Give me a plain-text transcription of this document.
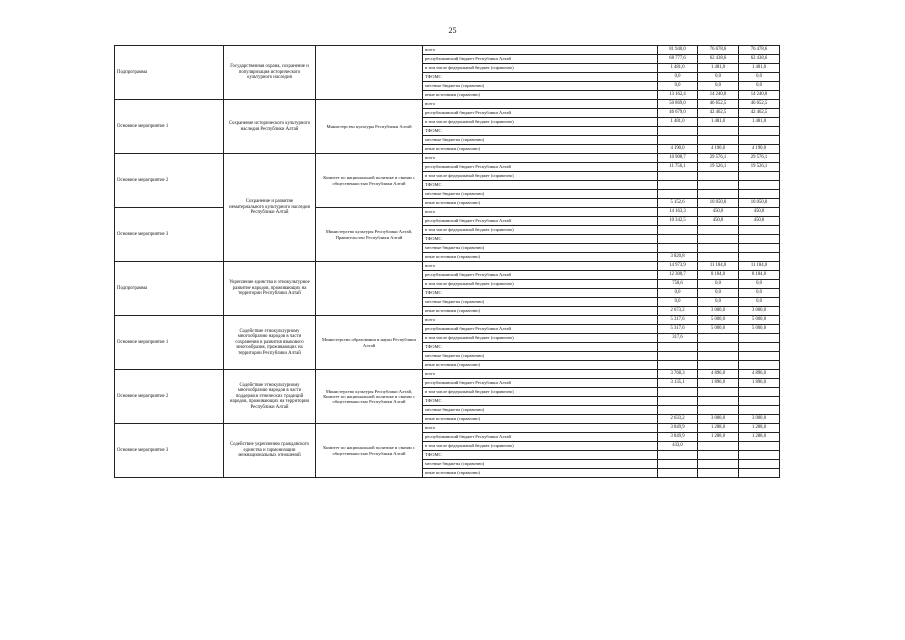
25
Подпрограмма	Государственная охрана, сохранение и популяризация исторического культурного наследия		всего	81 940,0	76 678,6	76 478,6
			республиканский бюджет Республики Алтай	68 777,6	62 438,6	62 438,6
			в том числе федеральный бюджет (справочно)	1 481,0	1 481,0	1 481,0
			ТФОМС	0,0	0,0	0,0
			местные бюджеты (справочно)	0,0	0,0	0,0
			иные источники (справочно)	13 162,4	14 240,0	14 240,0
Основное мероприятие 1	Сохранение исторического культурного наследия Республики Алтай	Министерство культуры Республики Алтай	всего	50 869,0	46 652,5	46 652,5
			республиканский бюджет Республики Алтай	46 679,0	42 462,5	42 462,5
			в том числе федеральный бюджет (справочно)	1 481,0	1 481,0	1 481,0
			ТФОМС			
			местные бюджеты (справочно)			
			иные источники (справочно)	4 190,0	4 190,0	4 190,0
Основное мероприятие 2	Сохранение и развитие нематериального культурного наследия Республики Алтай	Комитет по национальной политике и связям с общественностью Республики Алтай	всего	10 908,7	29 576,1	29 576,1
			республиканский бюджет Республики Алтай	11 756,1	19 526,1	19 526,1
			в том числе федеральный бюджет (справочно)			
			ТФОМС			
			местные бюджеты (справочно)			
			иные источники (справочно)	5 152,6	10 050,0	10 050,0
Основное мероприятие 3		Министерство культуры Республики Алтай, Правительство Республики Алтай	всего	14 163,3	450,0	450,0
			республиканский бюджет Республики Алтай	10 342,5	450,0	450,0
			в том числе федеральный бюджет (справочно)			
			ТФОМС			
			местные бюджеты (справочно)			
			иные источники (справочно)	3 820,8		
Подпрограмма	Укрепление единства и этнокультурное развитие народов, проживающих на территории Республики Алтай		всего	14 973,9	11 184,0	11 184,0
			республиканский бюджет Республики Алтай	12 300,7	8 184,0	8 184,0
			в том числе федеральный бюджет (справочно)	750,6	0,0	0,0
			ТФОМС	0,0	0,0	0,0
			местные бюджеты (справочно)	0,0	0,0	0,0
			иные источники (справочно)	2 673,2	3 000,0	3 000,0
Основное мероприятие 1	Содействие этнокультурному многообразию народов в части сохранения и развития языкового многообразия, проживающих на территории Республики Алтай	Министерство образования и науки Республики Алтай	всего	5 317,6	5 000,0	5 000,0
			республиканский бюджет Республики Алтай	5 317,6	5 000,0	5 000,0
			в том числе федеральный бюджет (справочно)	317,6		
			ТФОМС			
			местные бюджеты (справочно)			
			иные источники (справочно)			
Основное мероприятие 2	Содействие этнокультурному многообразию народов в части поддержки этнических традиций народов, проживающих на территории Республики Алтай	Министерство культуры Республики Алтай, Комитет по национальной политике и связям с общественностью Республики Алтай	всего	3 768,3	4 896,0	4 896,0
			республиканский бюджет Республики Алтай	3 135,1	1 896,0	1 896,0
			в том числе федеральный бюджет (справочно)			
			ТФОМС			
			местные бюджеты (справочно)			
			иные источники (справочно)	2 633,2	3 000,0	3 000,0
Основное мероприятие 3	Содействие укреплению гражданского единства и гармонизации межнациональных отношений	Комитет по национальной политике и связям с общественностью Республики Алтай	всего	3 849,9	1 288,0	1 288,0
			республиканский бюджет Республики Алтай	3 849,9	1 288,0	1 288,0
			в том числе федеральный бюджет (справочно)	433,0		
			ТФОМС			
			местные бюджеты (справочно)			
			иные источники (справочно)			
